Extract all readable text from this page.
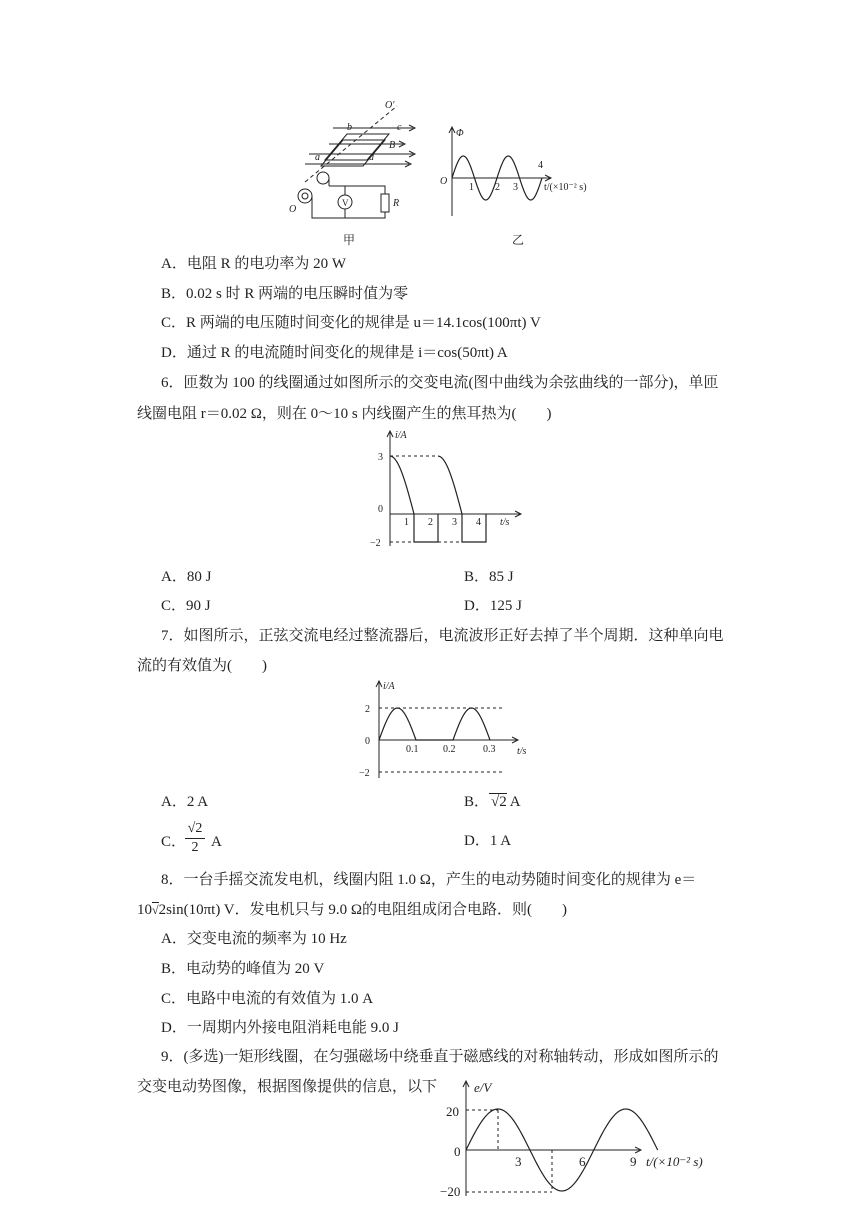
O′
b	c
B
a	d
O
R
V
甲
Φ
O
1 2 3
4
t/(×10⁻² s)
乙
A．电阻 R 的电功率为 20 W
B．0.02 s 时 R 两端的电压瞬时值为零
C．R 两端的电压随时间变化的规律是 u＝14.1cos(100πt) V
D．通过 R 的电流随时间变化的规律是 i＝cos(50πt) A
6．匝数为 100 的线圈通过如图所示的交变电流(图中曲线为余弦曲线的一部分)，单匝
线圈电阻 r＝0.02 Ω，则在 0～10 s 内线圈产生的焦耳热为(　　)
i/A
3
0
−2
1 2 3 4 t/s
A．80 J	B．85 J
C．90 J	D．125 J
7．如图所示，正弦交流电经过整流器后，电流波形正好去掉了半个周期．这种单向电
流的有效值为(　　)
i/A
2
0
−2
0.1 0.2	0.3 t/s
A．2 A	B． √2 A
C．
$\frac{√2}{2}$ A	D．1 A
8．一台手摇交流发电机，线圈内阻 1.0 Ω，产生的电动势随时间变化的规律为 e＝
10√2sin(10πt) V．发电机只与 9.0 Ω的电阻组成闭合电路．则(　　)
A．交变电流的频率为 10 Hz
B．电动势的峰值为 20 V
C．电路中电流的有效值为 1.0 A
D．一周期内外接电阻消耗电能 9.0 J
9．(多选)一矩形线圈，在匀强磁场中绕垂直于磁感线的对称轴转动，形成如图所示的
交变电动势图像，根据图像提供的信息，以下	e/V
20
0
−20
3	6	9 t/(×10⁻² s)
